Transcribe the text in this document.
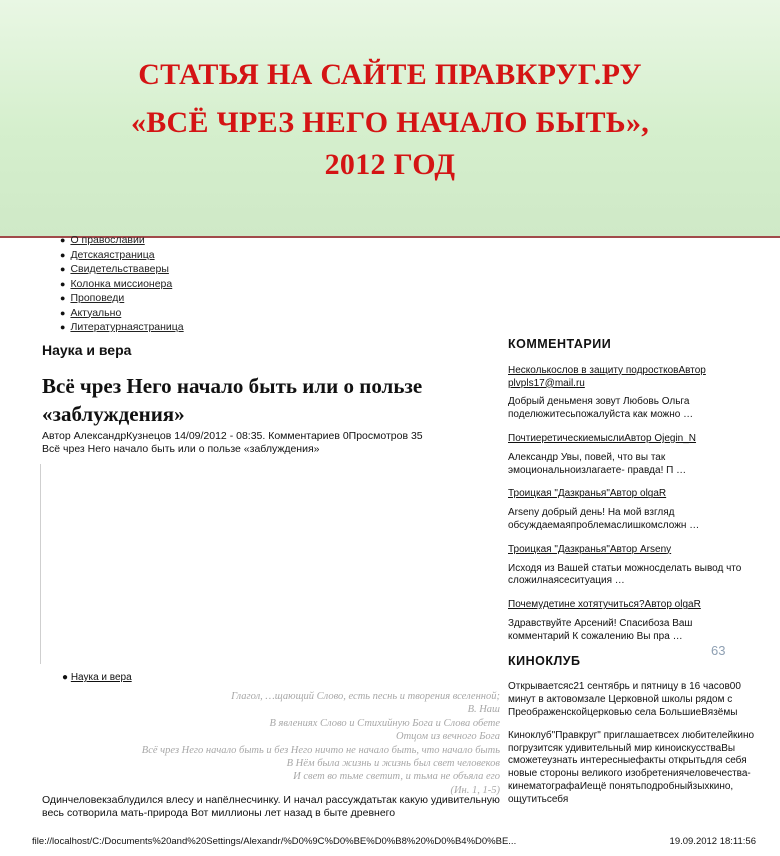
СТАТЬЯ НА САЙТЕ ПРАВКРУГ.РУ
«ВСЁ ЧРЕЗ НЕГО НАЧАЛО БЫТЬ»,
2012 ГОД
● О православии
● Детскаястраница
● Свидетельстваверы
● Колонка миссионера
● Проповеди
● Актуально
● Литературнаястраница
Наука и вера
Всё чрез Него начало быть или о пользе «заблуждения»
Автор АлександрКузнецов 14/09/2012 - 08:35. Комментариев 0Просмотров 35
Всё чрез Него начало быть или о пользе «заблуждения»
● Наука и вера
Глагол, …щающий Слово, есть песнь и творения вселенной;
В. Наш
В явлениях Слово и Стихийную Бога и Слова обете
Отцом из вечного Бога
Всё чрез Него начало быть и без Него ничто не начало быть, что начало быть
В Нём была жизнь и жизнь был свет человеков
И свет во тьме светит, и тьма не объяла его
(Ин. 1, 1-5)
Одинчеловекзаблудился влесу и напёлнесчинку. И начал рассуждатьтак какую удивительную весь сотворила мать-природа Вот миллионы лет назад в быте древнего
КОММЕНТАРИИ
Несколькослов в защиту подростковАвтор plvpls17@mail.ru
Добрый деньменя зовут Любовь Ольга поделюжитесьпожалуйста как можно …
ПочтиеретическиемыслиАвтор Ojegin_N
Александр Увы, повей, что вы так эмоциональноизлагаете- правда! П …
Троицкая "Дазкранья"Автор olgaR
Arseny добрый день! На мой взгляд обсуждаемаяпроблемаслишкомсложн …
Троицкая "Дазкранья"Автор Arseny
Исходя из Вашей статьи можноcделать вывод что сложилнаясеситуация …
Почемудетине хотятучиться?Автор olgaR
Здравствуйте Арсений! Спасибоза Ваш комментарий К сожалению Вы пра …
КИНОКЛУБ
Открываетсяс21 сентябрь и пятницу в 16 часов00 минут в актовомзале Церковной школы рядом с Преображенскойцерковью села БольшиеВязёмы
Киноклуб"Правкруг" приглашаетвсех любителейкино погрузитсяк удивительный мир киноискусстваВы сможетеузнать интересныефакты открытьдля себя новые стороны великого изобретениячеловечества- кинематографаИещё понятьподробныйзыхкино, ощутитьсебя
63
file://localhost/C:/Documents%20and%20Settings/Alexandr/%D0%9C%D0%BE%D0%B8%20%D0%B4%D0%BE...	19.09.2012 18:11:56
